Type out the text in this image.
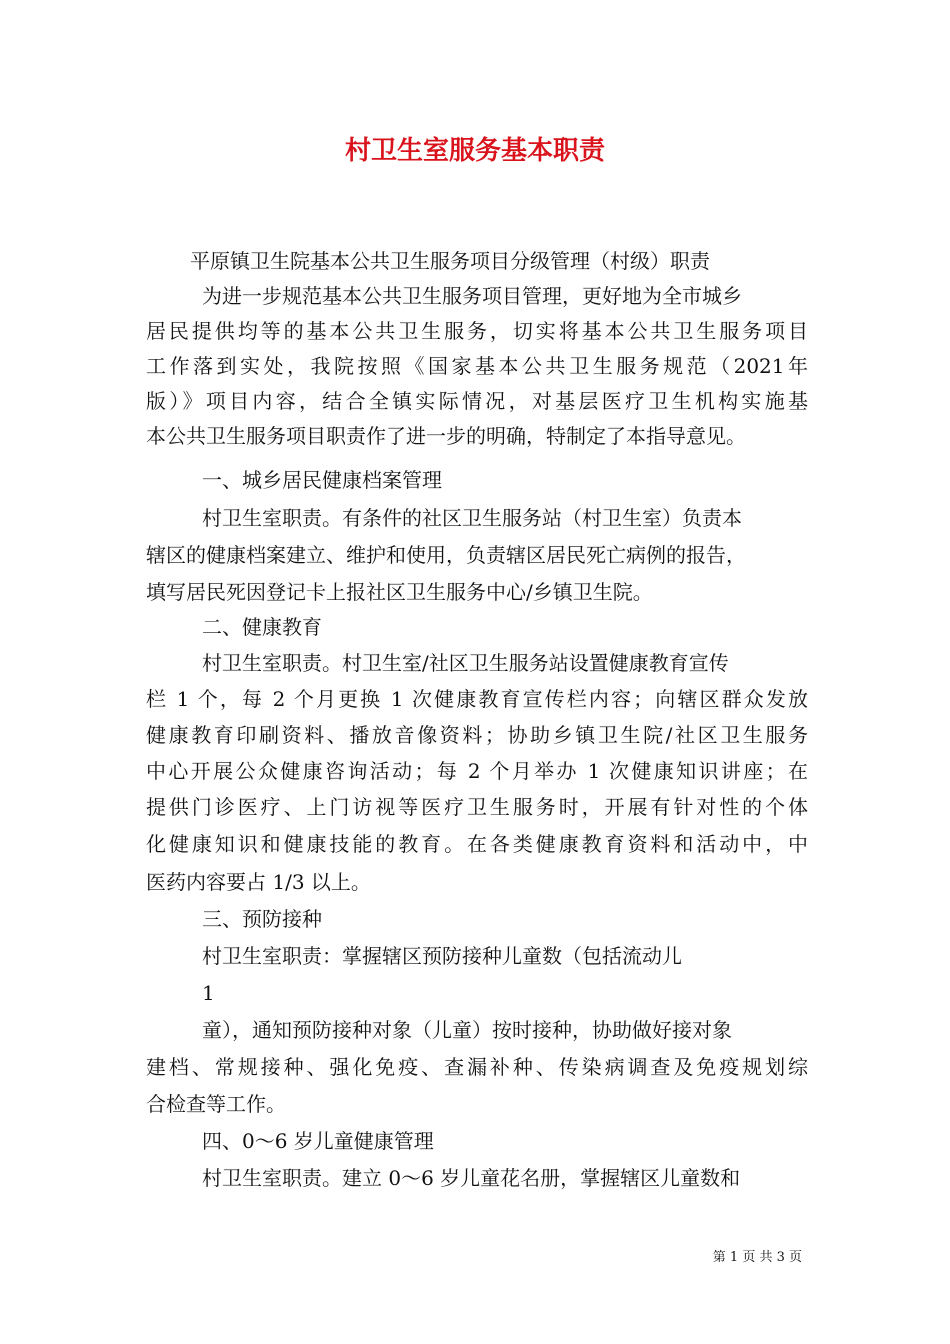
村卫生室服务基本职责
平原镇卫生院基本公共卫生服务项目分级管理（村级）职责
为进一步规范基本公共卫生服务项目管理，更好地为全市城乡
居民提供均等的基本公共卫生服务，切实将基本公共卫生服务项目
工作落到实处，我院按照《国家基本公共卫生服务规范（2021年
版）》项目内容，结合全镇实际情况，对基层医疗卫生机构实施基
本公共卫生服务项目职责作了进一步的明确，特制定了本指导意见。
一、城乡居民健康档案管理
村卫生室职责。有条件的社区卫生服务站（村卫生室）负责本
辖区的健康档案建立、维护和使用，负责辖区居民死亡病例的报告，
填写居民死因登记卡上报社区卫生服务中心/乡镇卫生院。
二、健康教育
村卫生室职责。村卫生室/社区卫生服务站设置健康教育宣传
栏 1 个，每 2 个月更换 1 次健康教育宣传栏内容；向辖区群众发放
健康教育印刷资料、播放音像资料；协助乡镇卫生院/社区卫生服务
中心开展公众健康咨询活动；每 2 个月举办 1 次健康知识讲座；在
提供门诊医疗、上门访视等医疗卫生服务时，开展有针对性的个体
化健康知识和健康技能的教育。在各类健康教育资料和活动中，中
医药内容要占 1/3 以上。
三、预防接种
村卫生室职责：掌握辖区预防接种儿童数（包括流动儿
1
童），通知预防接种对象（儿童）按时接种，协助做好接对象
建档、常规接种、强化免疫、查漏补种、传染病调查及免疫规划综
合检查等工作。
四、0～6 岁儿童健康管理
村卫生室职责。建立 0～6 岁儿童花名册，掌握辖区儿童数和
第 1 页 共 3 页
